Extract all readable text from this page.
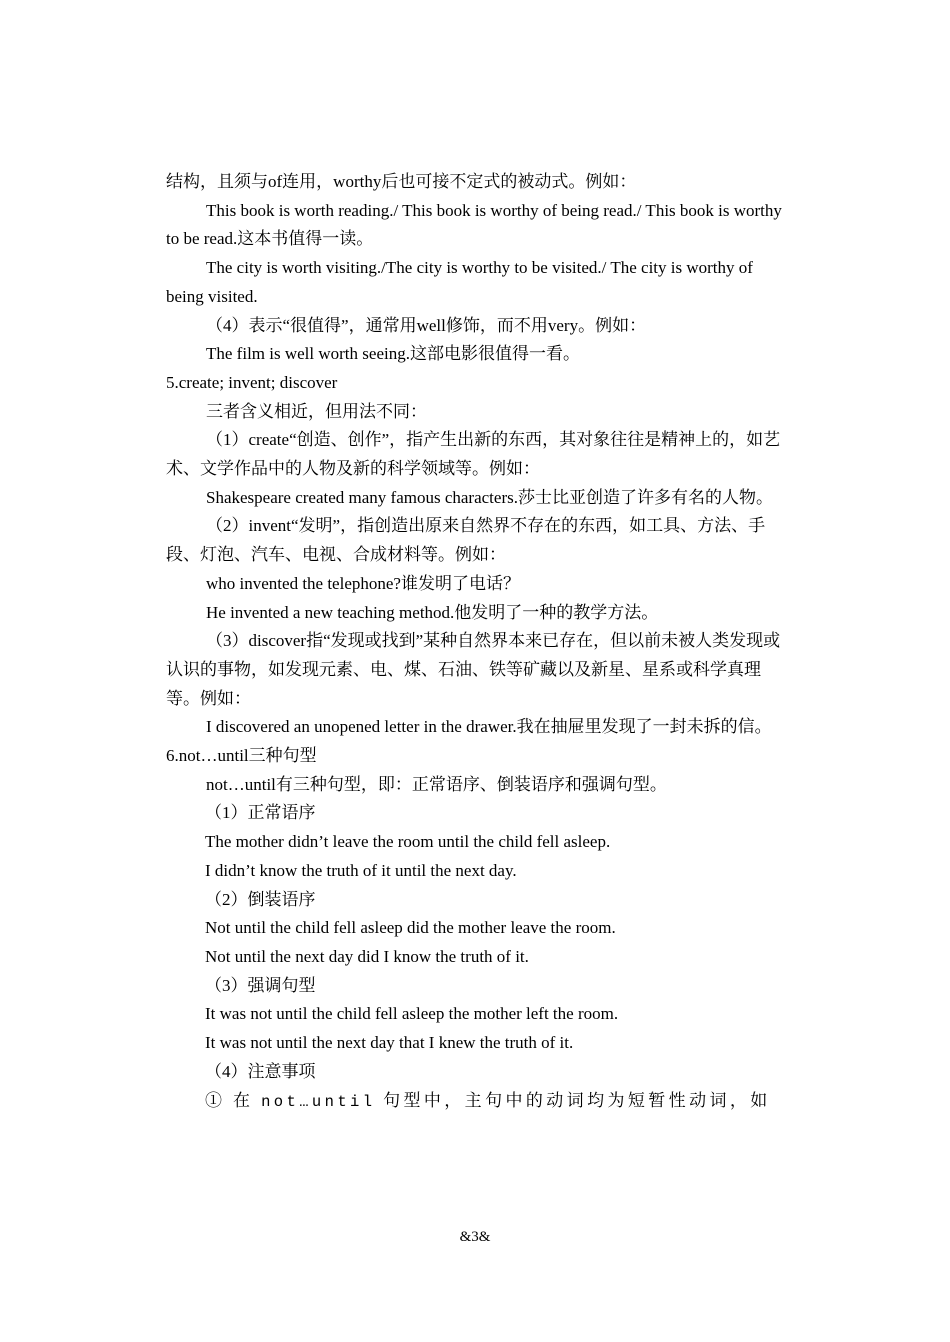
结构，且须与of连用，worthy后也可接不定式的被动式。例如：

This book is worth reading./ This book is worthy of being read./ This book is worthy to be read.这本书值得一读。

The city is worth visiting./The city is worthy to be visited./ The city is worthy of being visited.

（4）表示“很值得”，通常用well修饰，而不用very。例如：

The film is well worth seeing.这部电影很值得一看。

5.create; invent; discover

三者含义相近，但用法不同：

（1）create“创造、创作”，指产生出新的东西，其对象往往是精神上的，如艺术、文学作品中的人物及新的科学领域等。例如：

Shakespeare created many famous characters.莎士比亚创造了许多有名的人物。

（2）invent“发明”，指创造出原来自然界不存在的东西，如工具、方法、手段、灯泡、汽车、电视、合成材料等。例如：

who invented the telephone?谁发明了电话？

He invented a new teaching method.他发明了一种的教学方法。

（3）discover指“发现或找到”某种自然界本来已存在，但以前未被人类发现或认识的事物，如发现元素、电、煤、石油、铁等矿藏以及新星、星系或科学真理等。例如：

I discovered an unopened letter in the drawer.我在抽屉里发现了一封未拆的信。

6.not…until三种句型

not…until有三种句型，即：正常语序、倒装语序和强调句型。

（1）正常语序

The mother didn’t leave the room until the child fell asleep.

I didn’t know the truth of it until the next day.

（2）倒装语序

Not until the child fell asleep did the mother leave the room.

Not until the next day did I know the truth of it.

（3）强调句型

It was not until the child fell asleep the mother left the room.

It was not until the next day that I knew the truth of it.

（4）注意事项

① 在 not…until 句型中，主句中的动词均为短暂性动词，如

&3&
